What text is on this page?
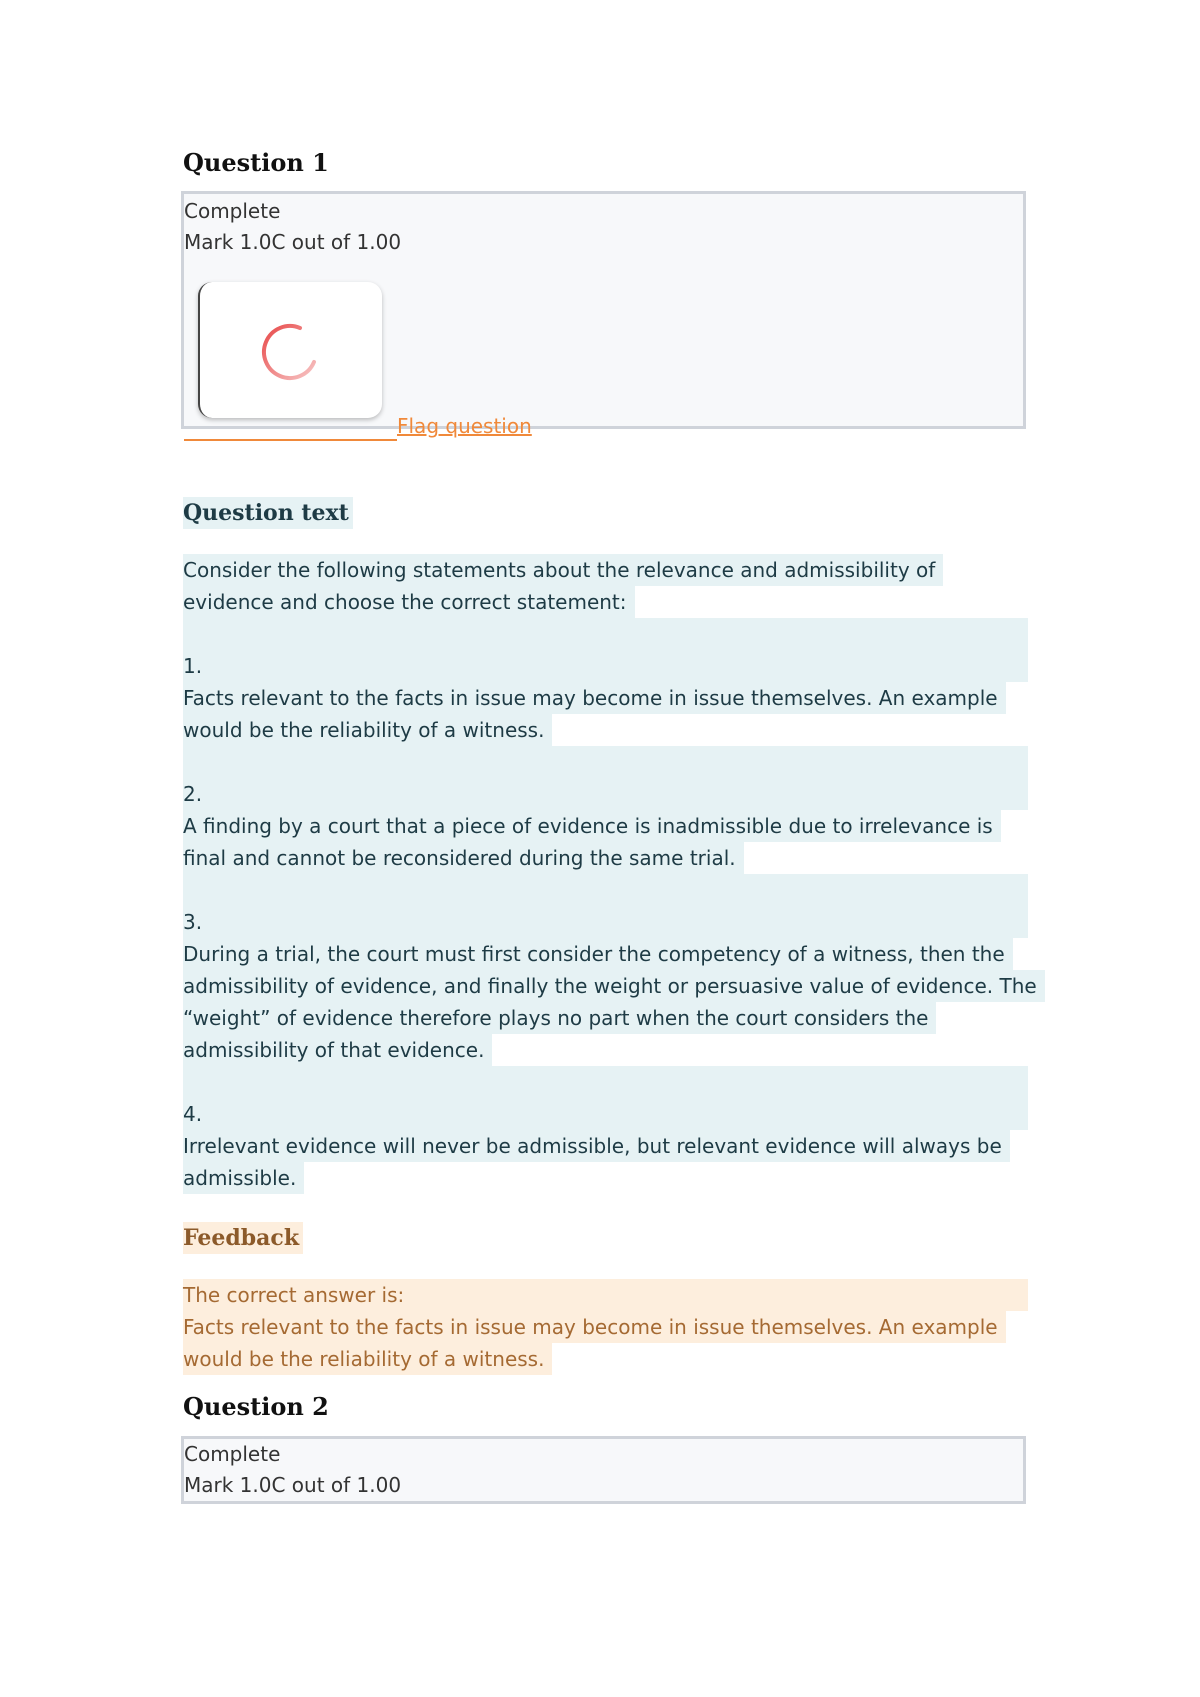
Question 1
Complete
Mark 1.0C out of 1.00
Flag question
Question text
Consider the following statements about the relevance and admissibility of
evidence and choose the correct statement:
1.
Facts relevant to the facts in issue may become in issue themselves. An example
would be the reliability of a witness.
2.
A finding by a court that a piece of evidence is inadmissible due to irrelevance is
final and cannot be reconsidered during the same trial.
3.
During a trial, the court must first consider the competency of a witness, then the
admissibility of evidence, and finally the weight or persuasive value of evidence. The
“weight” of evidence therefore plays no part when the court considers the
admissibility of that evidence.
4.
Irrelevant evidence will never be admissible, but relevant evidence will always be
admissible.
Feedback
The correct answer is:
Facts relevant to the facts in issue may become in issue themselves. An example
would be the reliability of a witness.
Question 2
Complete
Mark 1.0C out of 1.00
